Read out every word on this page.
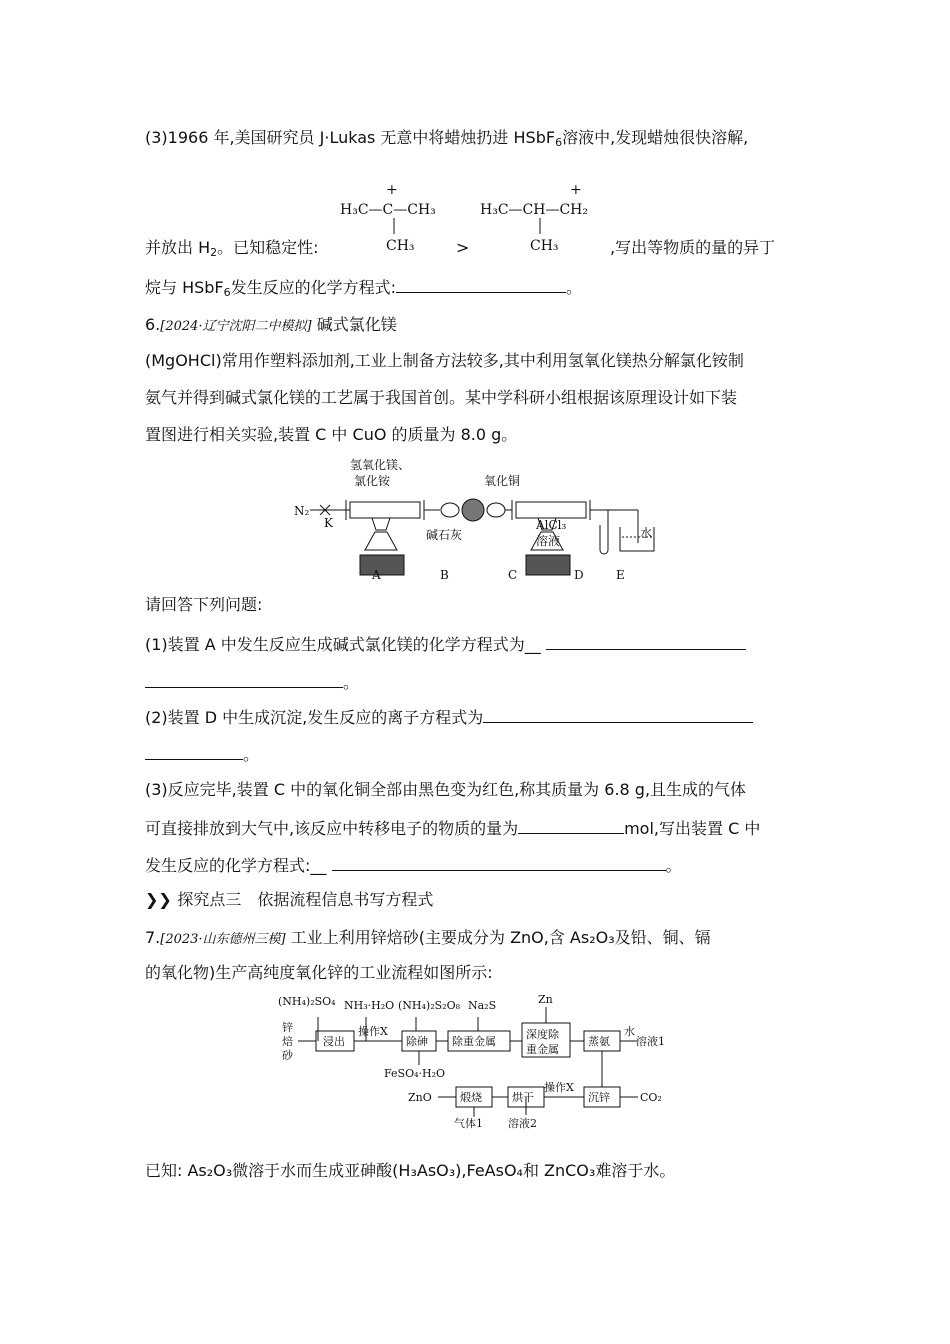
(3)1966 年,美国研究员 J·Lukas 无意中将蜡烛扔进 HSbF$_6$溶液中,发现蜡烛很快溶解,
+
H₃C—C—CH₃
CH₃
+
H₃C—CH—CH₂
CH₃
并放出 $H_2$。已知稳定性:	>	,写出等物质的量的异丁
烷与 HSbF$_6$发生反应的化学方程式:	。
6.[2024·辽宁沈阳二中模拟] 碱式氯化镁
(MgOHCl)常用作塑料添加剂,工业上制备方法较多,其中利用氢氧化镁热分解氯化铵制
氨气并得到碱式氯化镁的工艺属于我国首创。某中学科研小组根据该原理设计如下装
置图进行相关实验,装置 C 中 CuO 的质量为 8.0 g。
N₂
K
氢氧化镁、
氯化铵
碱石灰
氧化铜
AlCl₃
溶液
水
A	B	C	D	E
请回答下列问题:
(1)装置 A 中发生反应生成碱式氯化镁的化学方程式为__
。
(2)装置 D 中生成沉淀,发生反应的离子方程式为
。
(3)反应完毕,装置 C 中的氧化铜全部由黑色变为红色,称其质量为 6.8 g,且生成的气体
可直接排放到大气中,该反应中转移电子的物质的量为	mol,写出装置 C 中
发生反应的化学方程式:__	。
❯❯ 探究点三　依据流程信息书写方程式
7.[2023·山东德州三模] 工业上利用锌焙砂(主要成分为 ZnO,含 As₂O₃及铅、铜、镉
的氧化物)生产高纯度氧化锌的工业流程如图所示:
(NH₄)₂SO₄ NH₃·H₂O (NH₄)₂S₂O₈ Na₂S	Zn
锌
焙
砂
浸出
操作X
除砷 除重金属
深度除
重金属
蒸氨
水
溶液1
FeSO₄·H₂O
沉锌	CO₂
操作X
烘干
煅烧
ZnO
气体1 溶液2
已知: As₂O₃微溶于水而生成亚砷酸(H₃AsO₃),FeAsO₄和 ZnCO₃难溶于水。
